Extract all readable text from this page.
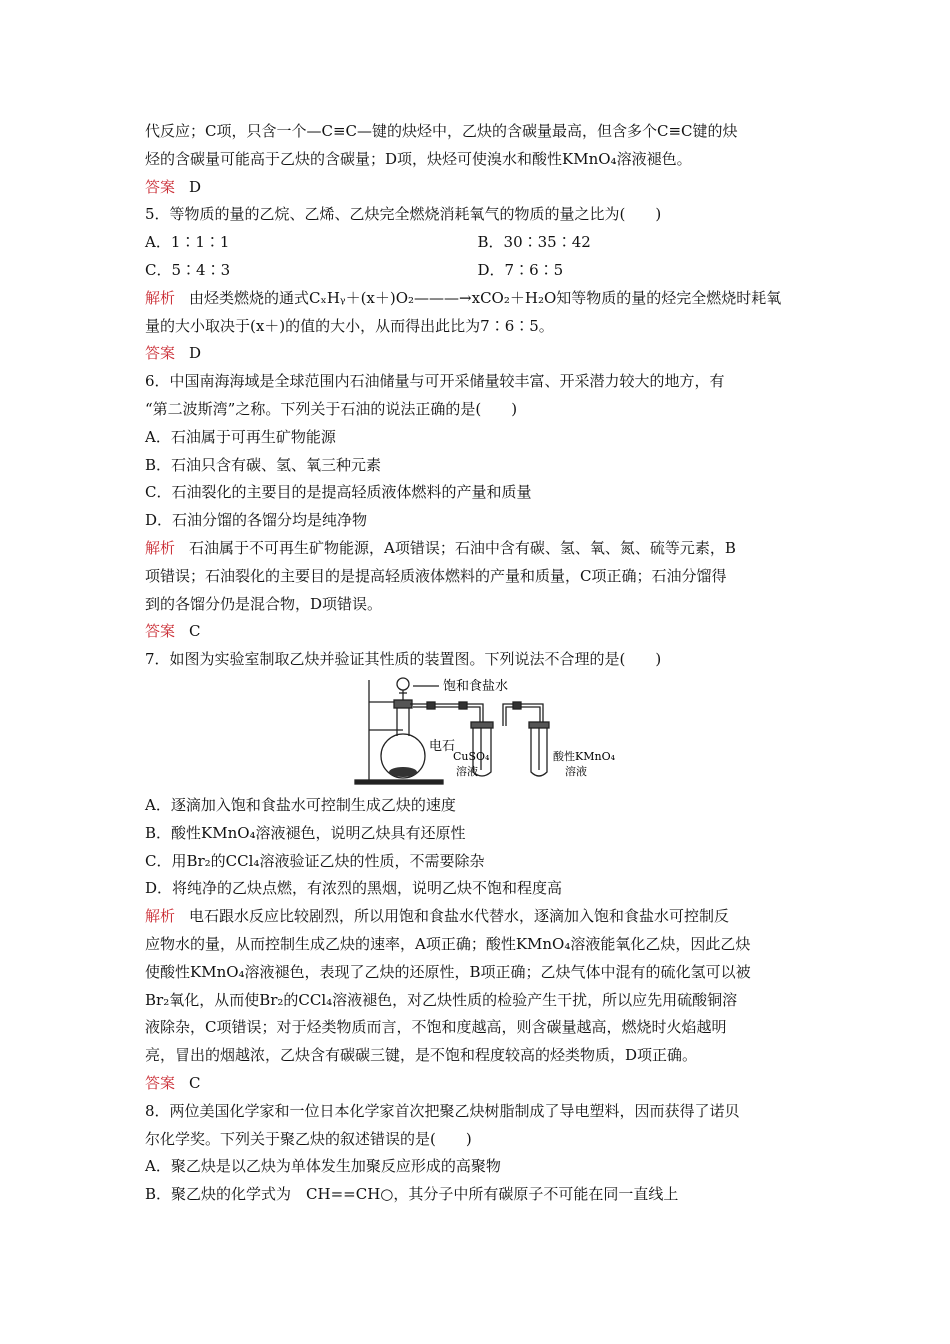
代反应；C项，只含一个—C≡C—键的炔烃中，乙炔的含碳量最高，但含多个C≡C键的炔
烃的含碳量可能高于乙炔的含碳量；D项，炔烃可使溴水和酸性KMnO₄溶液褪色。
答案 D
5．等物质的量的乙烷、乙烯、乙炔完全燃烧消耗氧气的物质的量之比为(　　)
A．1∶1∶1	B．30∶35∶42
C．5∶4∶3	D．7∶6∶5
解析 由烃类燃烧的通式CₓHᵧ＋(x＋)O₂———→xCO₂＋H₂O知等物质的量的烃完全燃烧时耗氧
量的大小取决于(x＋)的值的大小，从而得出此比为7∶6∶5。
答案 D
6．中国南海海域是全球范围内石油储量与可开采储量较丰富、开采潜力较大的地方，有
“第二波斯湾”之称。下列关于石油的说法正确的是(　　)
A．石油属于可再生矿物能源
B．石油只含有碳、氢、氧三种元素
C．石油裂化的主要目的是提高轻质液体燃料的产量和质量
D．石油分馏的各馏分均是纯净物
解析 石油属于不可再生矿物能源，A项错误；石油中含有碳、氢、氧、氮、硫等元素，B
项错误；石油裂化的主要目的是提高轻质液体燃料的产量和质量，C项正确；石油分馏得
到的各馏分仍是混合物，D项错误。
答案 C
7．如图为实验室制取乙炔并验证其性质的装置图。下列说法不合理的是(　　)
饱和食盐水
电石
CuSO₄
溶液
酸性KMnO₄
溶液
A．逐滴加入饱和食盐水可控制生成乙炔的速度
B．酸性KMnO₄溶液褪色，说明乙炔具有还原性
C．用Br₂的CCl₄溶液验证乙炔的性质，不需要除杂
D．将纯净的乙炔点燃，有浓烈的黑烟，说明乙炔不饱和程度高
解析 电石跟水反应比较剧烈，所以用饱和食盐水代替水，逐滴加入饱和食盐水可控制反
应物水的量，从而控制生成乙炔的速率，A项正确；酸性KMnO₄溶液能氧化乙炔，因此乙炔
使酸性KMnO₄溶液褪色，表现了乙炔的还原性，B项正确；乙炔气体中混有的硫化氢可以被
Br₂氧化，从而使Br₂的CCl₄溶液褪色，对乙炔性质的检验产生干扰，所以应先用硫酸铜溶
液除杂，C项错误；对于烃类物质而言，不饱和度越高，则含碳量越高，燃烧时火焰越明
亮，冒出的烟越浓，乙炔含有碳碳三键，是不饱和程度较高的烃类物质，D项正确。
答案 C
8．两位美国化学家和一位日本化学家首次把聚乙炔树脂制成了导电塑料，因而获得了诺贝
尔化学奖。下列关于聚乙炔的叙述错误的是(　　)
A．聚乙炔是以乙炔为单体发生加聚反应形成的高聚物
B．聚乙炔的化学式为　CH==CH○，其分子中所有碳原子不可能在同一直线上
